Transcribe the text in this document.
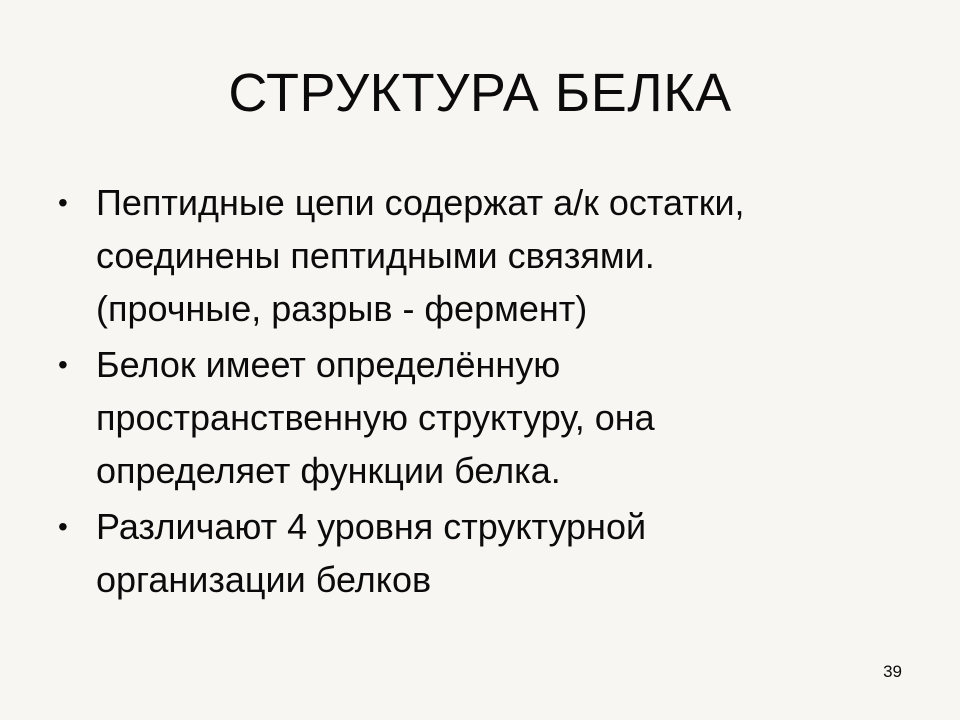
СТРУКТУРА БЕЛКА
• Пептидные цепи содержат а/к остатки,
соединены пептидными связями.
(прочные, разрыв - фермент)
• Белок имеет определённую
пространственную структуру, она
определяет функции белка.
• Различают 4 уровня структурной
организации белков
39
